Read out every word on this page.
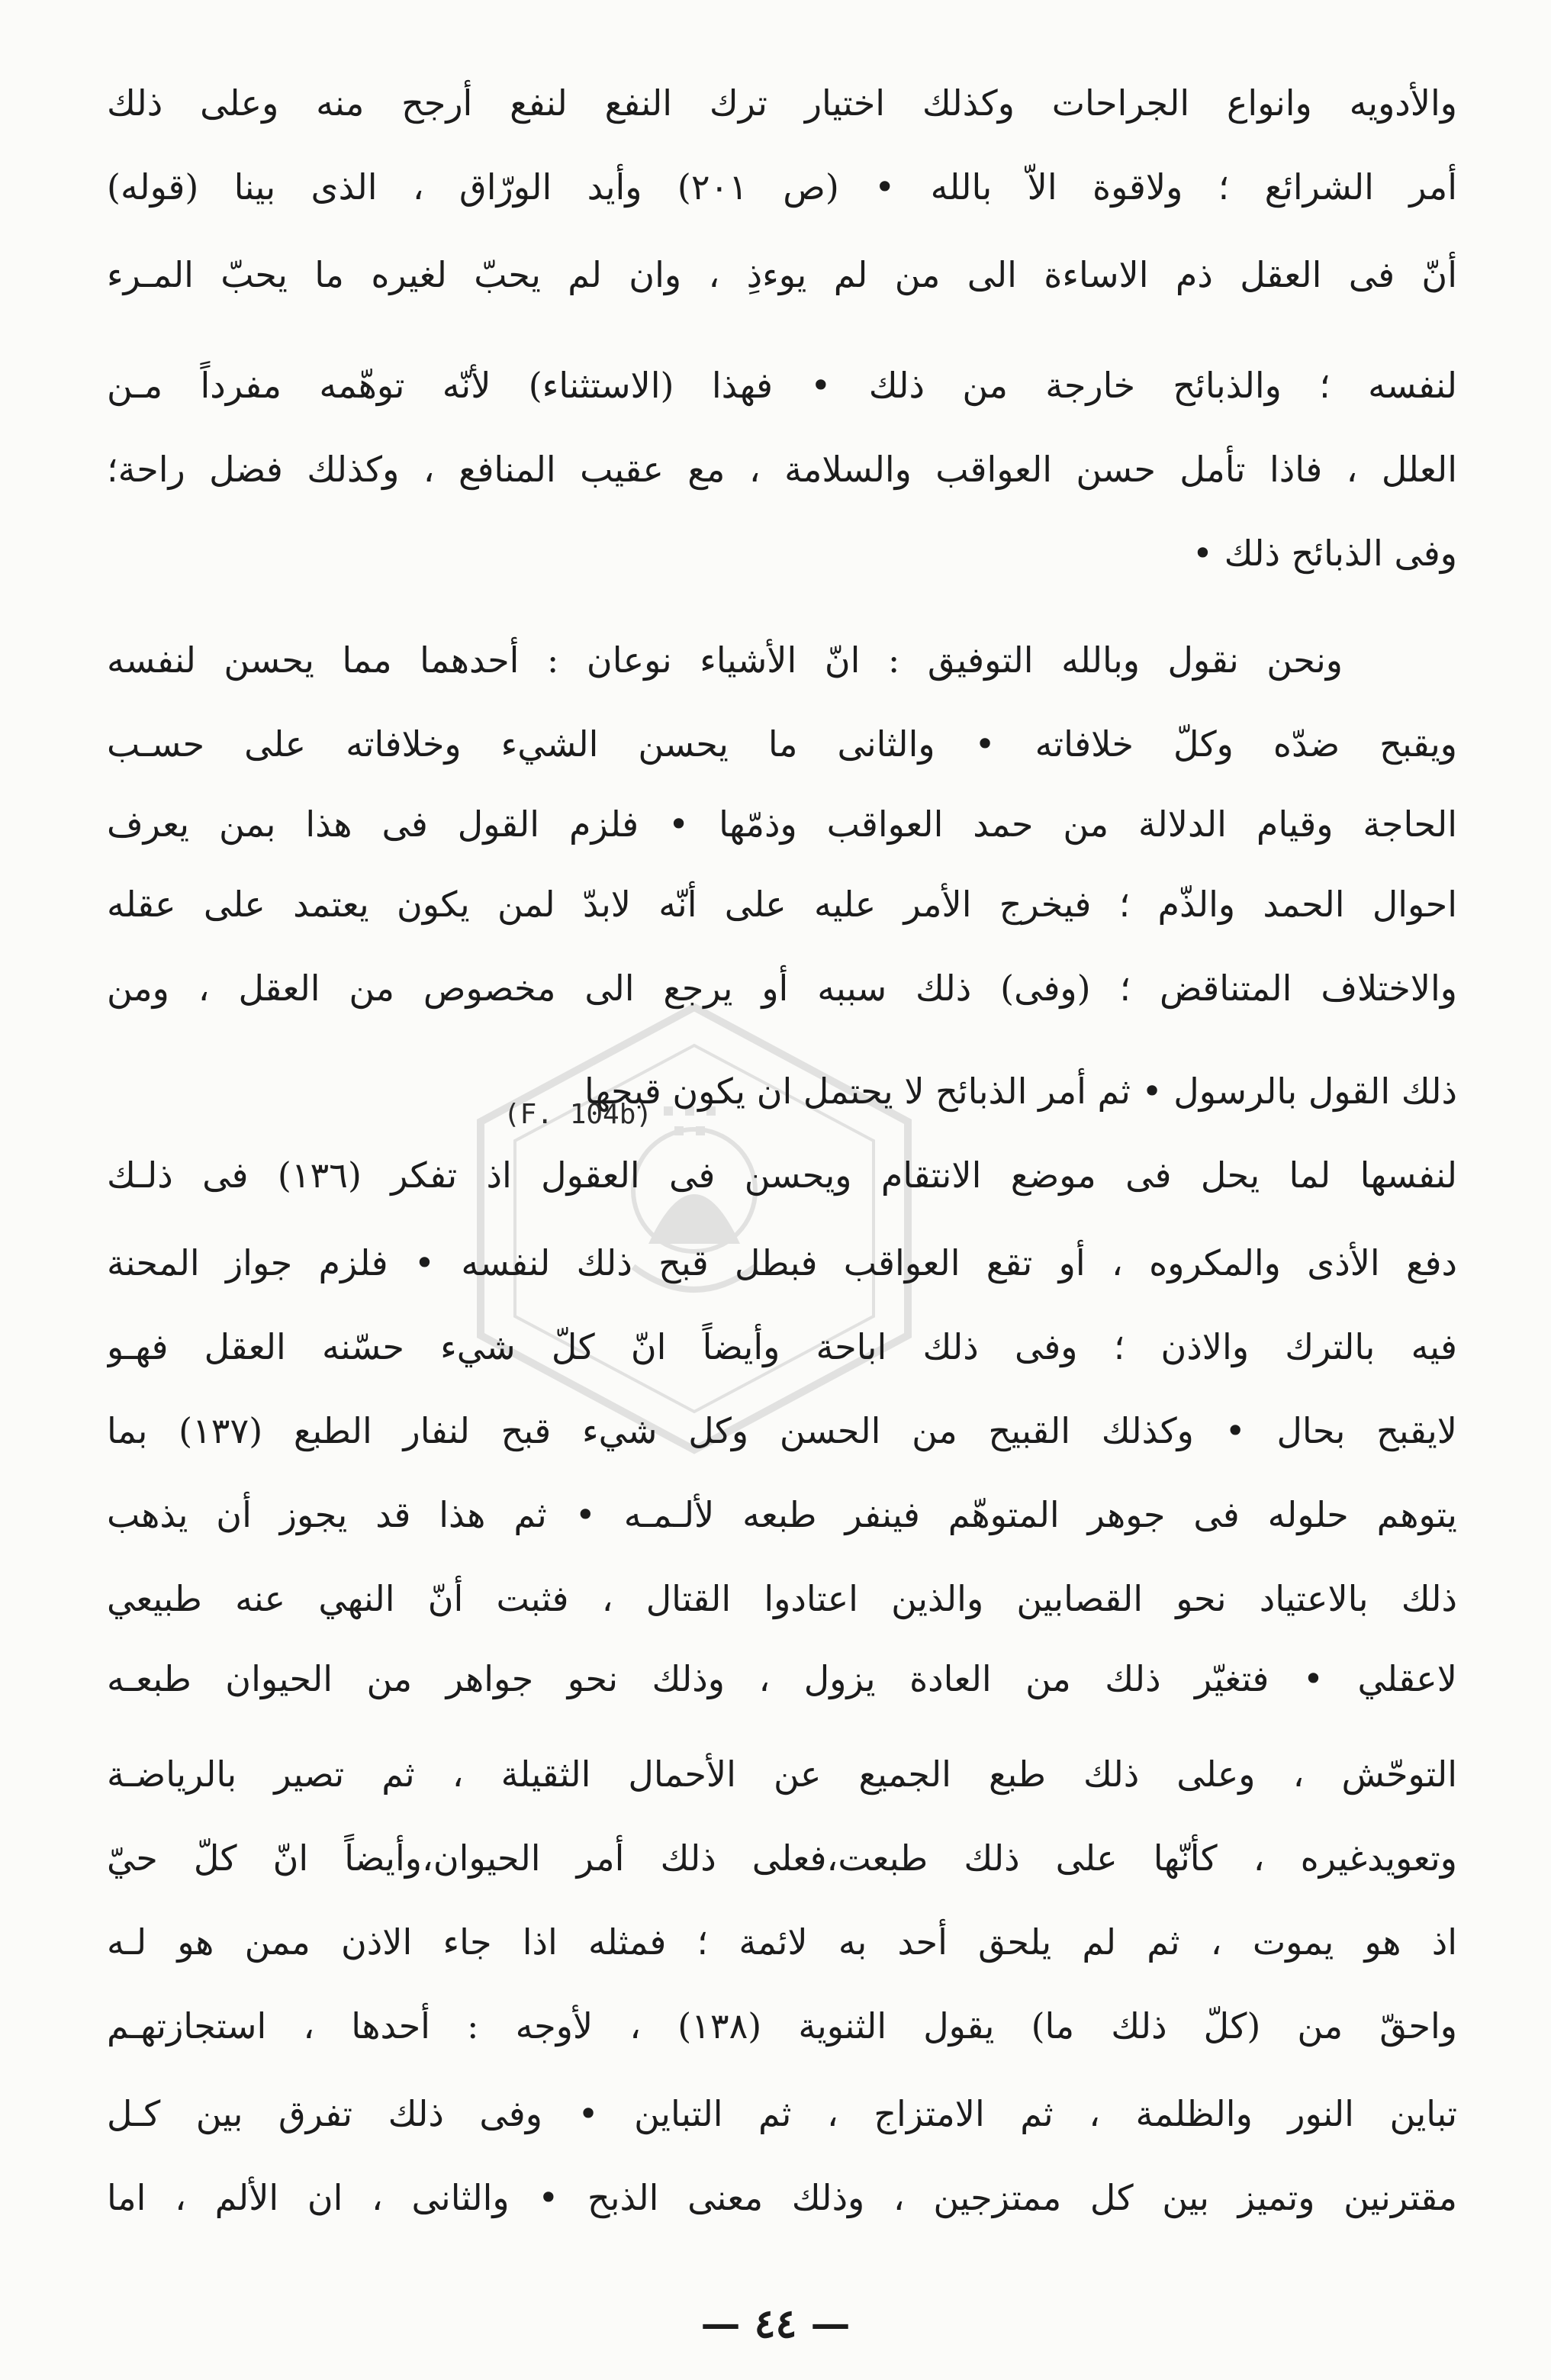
والأدويه وانواع الجراحات وكذلك اختيار ترك النفع لنفع أرجح منه وعلى ذلك
أمر الشرائع ؛ ولاقوة الاّ بالله • (ص ٢٠١) وأيد الورّاق ، الذى بينا (قوله)
أنّ فى العقل ذم الاساءة الى من لم يوءذِ ، وان لم يحبّ لغيره ما يحبّ المـرء
لنفسه ؛ والذبائح خارجة من ذلك • فهذا (الاستثناء) لأنّه توهّمه مفرداً مـن
العلل ، فاذا تأمل حسن العواقب والسلامة ، مع عقيب المنافع ، وكذلك فضل راحة؛
وفى الذبائح ذلك •
ونحن نقول وبالله التوفيق : انّ الأشياء نوعان : أحدهما مما يحسن لنفسه
ويقبح ضدّه وكلّ خلافاته • والثانى ما يحسن الشيء وخلافاته على حسـب
الحاجة وقيام الدلالة من حمد العواقب وذمّها • فلزم القول فى هذا بمن يعرف
احوال الحمد والذّم ؛ فيخرج الأمر عليه على أنّه لابدّ لمن يكون يعتمد على عقله
والاختلاف المتناقض ؛ (وفى) ذلك سببه أو يرجع الى مخصوص من العقل ، ومن
ذلك القول بالرسول • ثم أمر الذبائح لا يحتمل ان يكون قبحها
لنفسها لما يحل فى موضع الانتقام ويحسن فى العقول اذ تفكر (١٣٦) فى ذلـك
دفع الأذى والمكروه ، أو تقع العواقب فبطل قبح ذلك لنفسه • فلزم جواز المحنة
فيه بالترك والاذن ؛ وفى ذلك اباحة وأيضاً انّ كلّ شيء حسّنه العقل فهـو
لايقبح بحال • وكذلك القبيح من الحسن وكل شيء قبح لنفار الطبع (١٣٧) بما
يتوهم حلوله فى جوهر المتوهّم فينفر طبعه لألـمـه • ثم هذا قد يجوز أن يذهب
ذلك بالاعتياد نحو القصابين والذين اعتادوا القتال ، فثبت أنّ النهي عنه طبيعي
لاعقلي • فتغيّر ذلك من العادة يزول ، وذلك نحو جواهر من الحيوان طبعـه
التوحّش ، وعلى ذلك طبع الجميع عن الأحمال الثقيلة ، ثم تصير بالرياضـة
وتعويدغيره ، كأنّها على ذلك طبعت،فعلى ذلك أمر الحيوان،وأيضاً انّ كلّ حيّ
اذ هو يموت ، ثم لم يلحق أحد به لائمة ؛ فمثله اذا جاء الاذن ممن هو لـه
واحقّ من (كلّ ذلك ما) يقول الثنوية (١٣٨) ، لأوجه : أحدها ، استجازتهـم
تباين النور والظلمة ، ثم الامتزاج ، ثم التباين • وفى ذلك تفرق بين كـل
مقترنين وتميز بين كل ممتزجين ، وذلك معنى الذبح • والثانى ، ان الألم ، اما
(F. 104b)
— ٤٤ —
